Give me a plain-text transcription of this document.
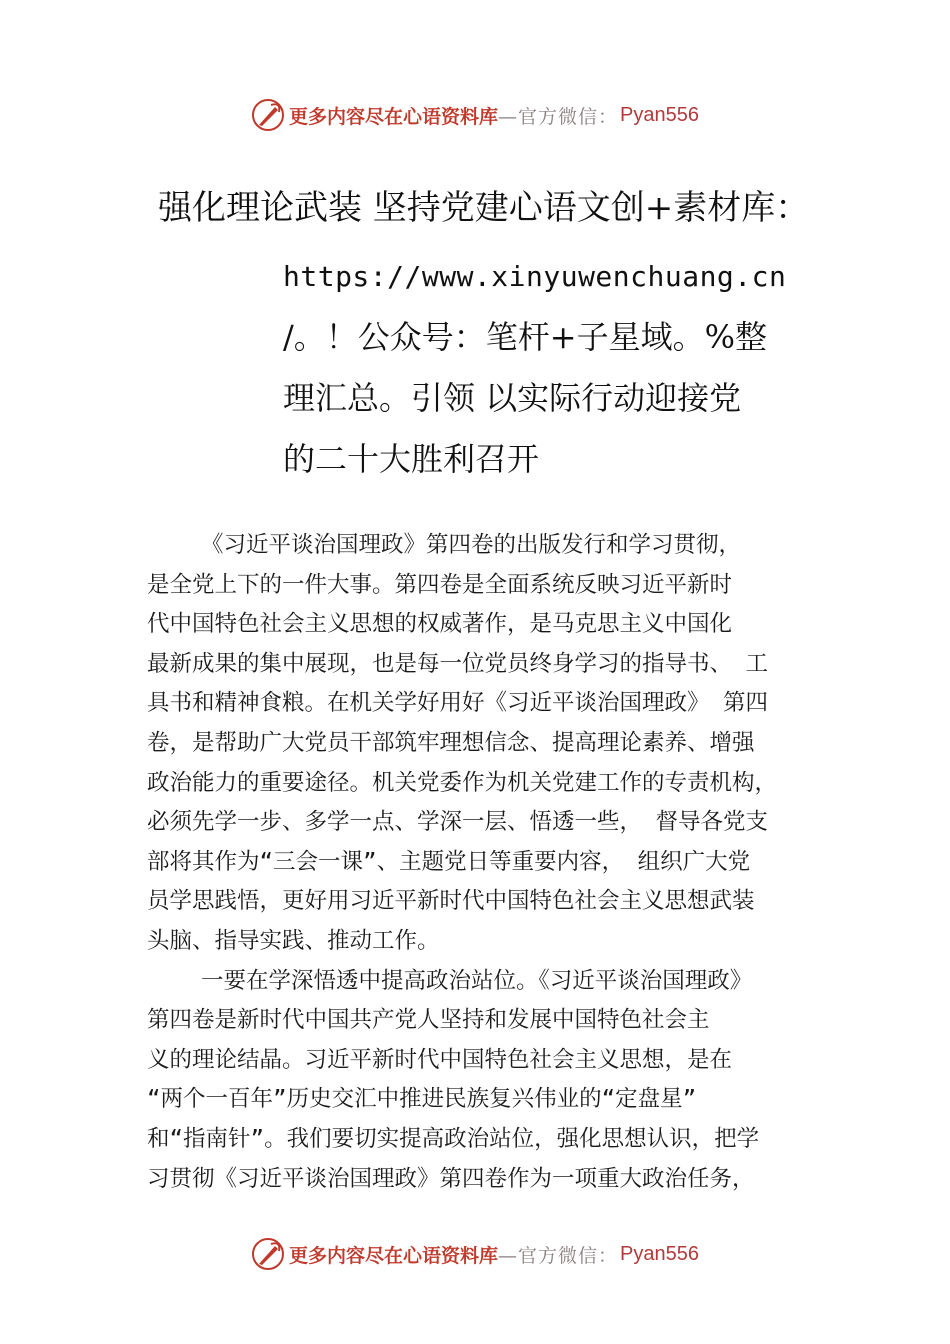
更多内容尽在心语资料库 —官方微信： Pyan556
强化理论武装 坚持党建心语文创+素材库：
https://www.xinyuwenchuang.cn
/。！公众号：笔杆+子星域。%整
理汇总。引领 以实际行动迎接党
的二十大胜利召开
《习近平谈治国理政》第四卷的出版发行和学习贯彻，
是全党上下的一件大事。第四卷是全面系统反映习近平新时
代中国特色社会主义思想的权威著作，是马克思主义中国化
最新成果的集中展现，也是每一位党员终身学习的指导书、 工
具书和精神食粮。在机关学好用好《习近平谈治国理政》 第四
卷，是帮助广大党员干部筑牢理想信念、提高理论素养、增强
政治能力的重要途径。机关党委作为机关党建工作的专责机构，
必须先学一步、多学一点、学深一层、悟透一些， 督导各党支
部将其作为“三会一课”、主题党日等重要内容， 组织广大党
员学思践悟，更好用习近平新时代中国特色社会主义思想武装
头脑、指导实践、推动工作。
一要在学深悟透中提高政治站位。《习近平谈治国理政》
第四卷是新时代中国共产党人坚持和发展中国特色社会主
义的理论结晶。习近平新时代中国特色社会主义思想，是在
“两个一百年”历史交汇中推进民族复兴伟业的“定盘星”
和“指南针”。我们要切实提高政治站位，强化思想认识，把学
习贯彻《习近平谈治国理政》第四卷作为一项重大政治任务，
更多内容尽在心语资料库 —官方微信： Pyan556
